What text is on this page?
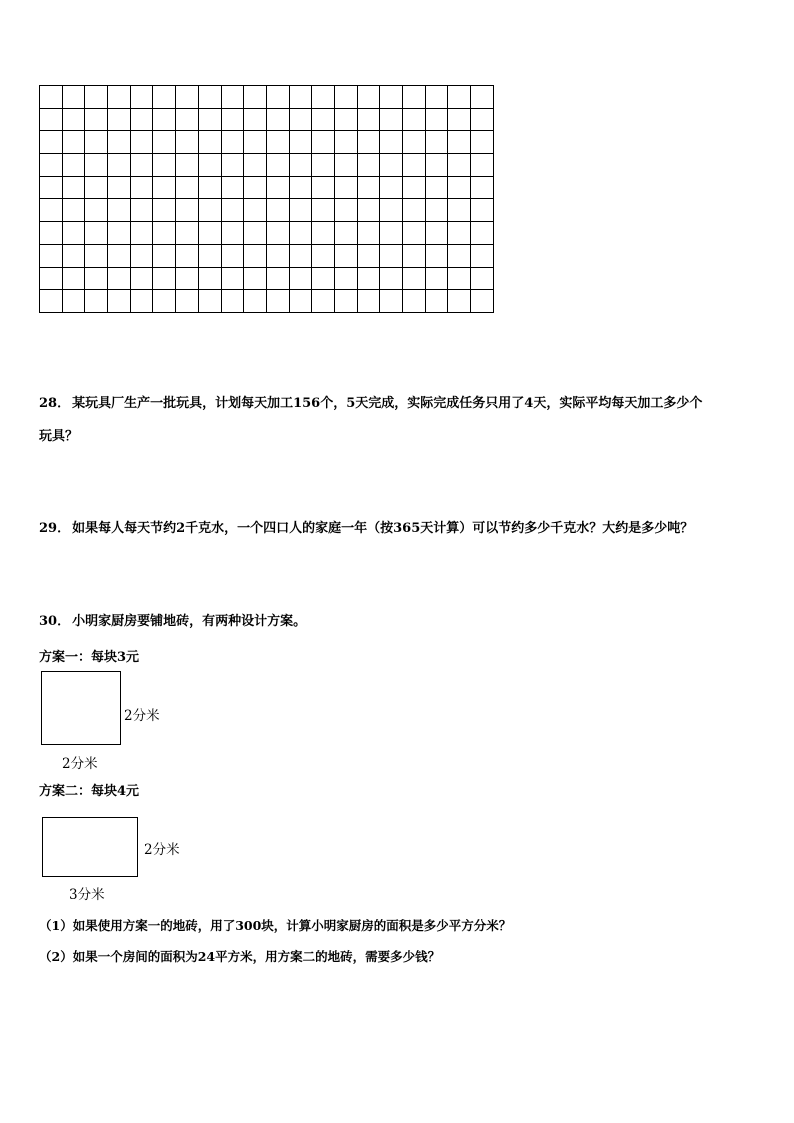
28． 某玩具厂生产一批玩具，计划每天加工156个，5天完成，实际完成任务只用了4天，实际平均每天加工多少个
玩具？
29． 如果每人每天节约2千克水，一个四口人的家庭一年（按365天计算）可以节约多少千克水？大约是多少吨？
30． 小明家厨房要铺地砖，有两种设计方案。
方案一：每块3元
2分米
2分米
方案二：每块4元
2分米
3分米
（1）如果使用方案一的地砖，用了300块，计算小明家厨房的面积是多少平方分米？
（2）如果一个房间的面积为24平方米，用方案二的地砖，需要多少钱？
